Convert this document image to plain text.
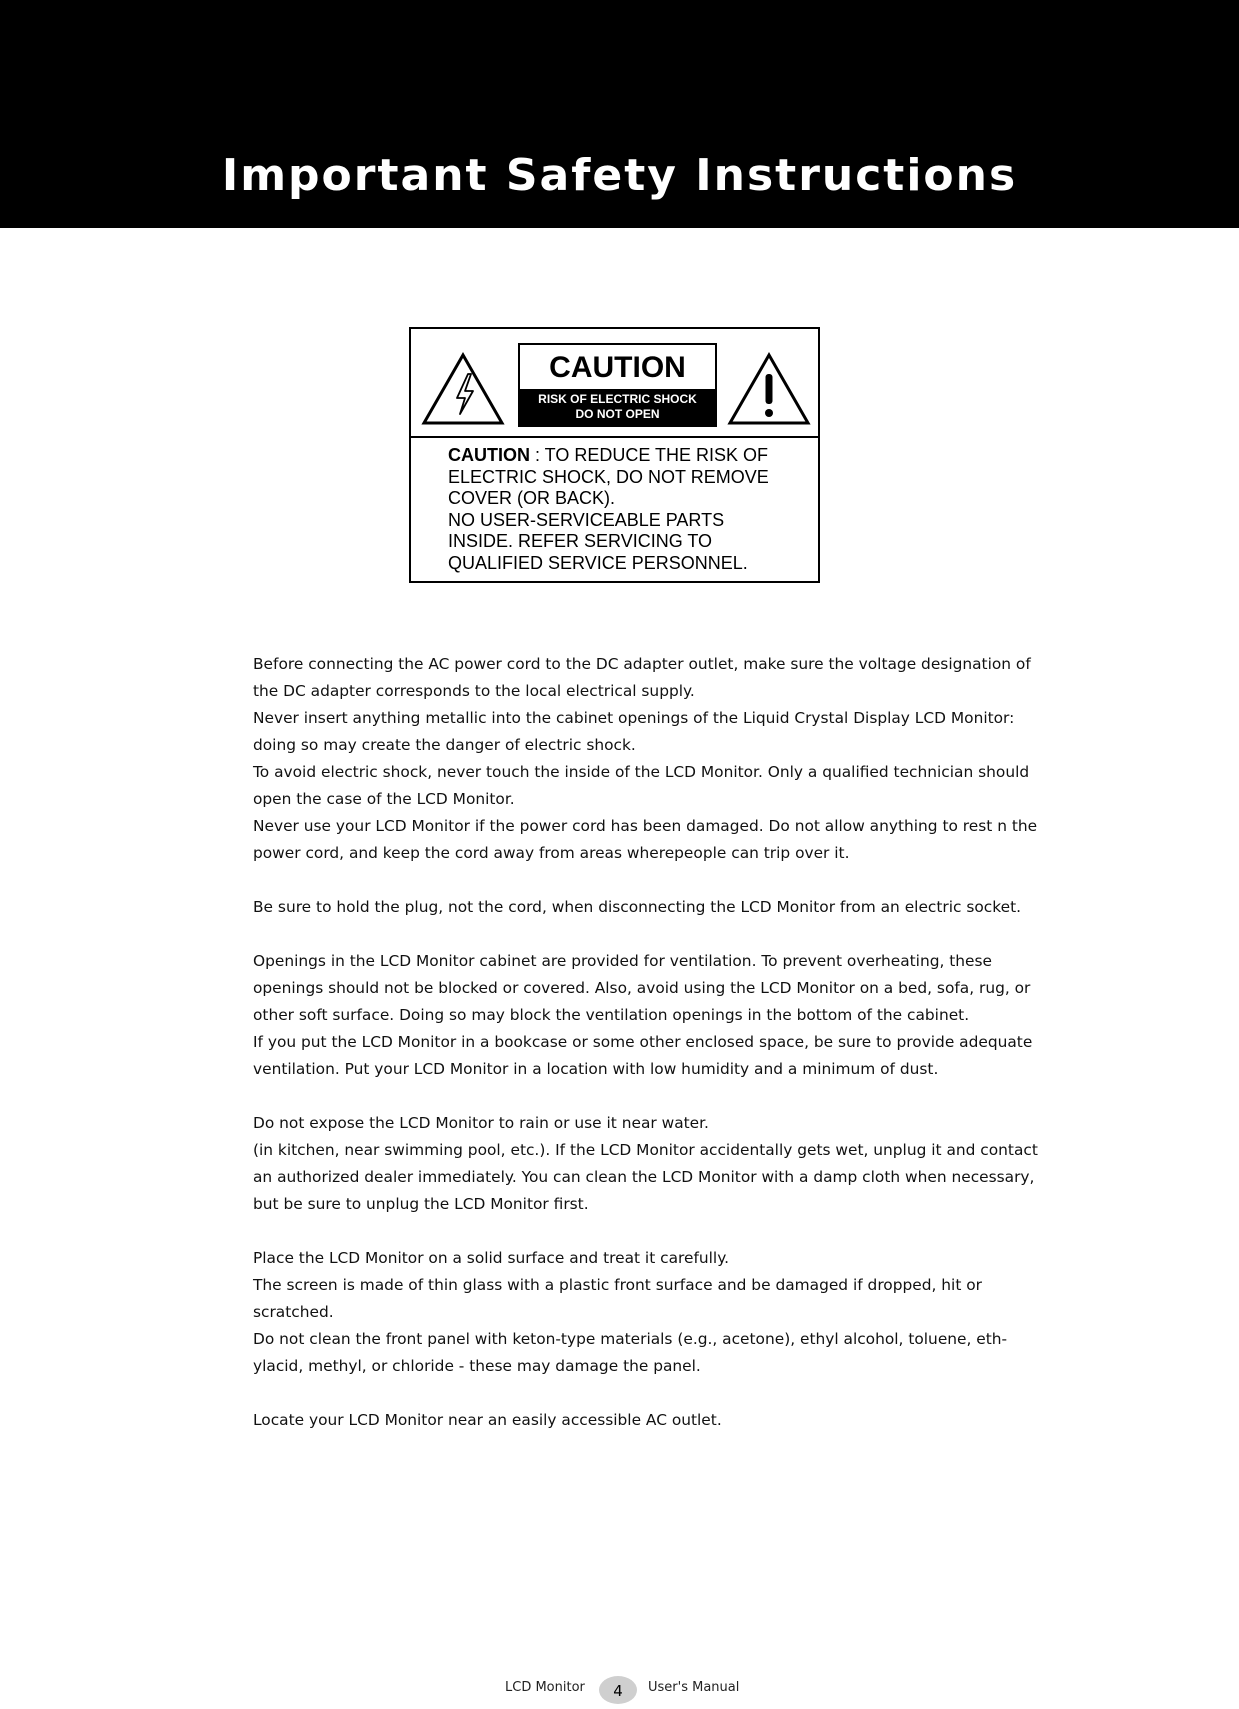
Important Safety Instructions
CAUTION
RISK OF ELECTRIC SHOCK
DO NOT OPEN
CAUTION : TO REDUCE THE RISK OF
ELECTRIC SHOCK, DO NOT REMOVE
COVER (OR BACK).
NO USER-SERVICEABLE PARTS
INSIDE. REFER SERVICING TO
QUALIFIED SERVICE PERSONNEL.
Before connecting the AC power cord to the DC adapter outlet, make sure the voltage designation of
the DC adapter corresponds to the local electrical supply.
Never insert anything metallic into the cabinet openings of the Liquid Crystal Display LCD Monitor:
doing so may create the danger of electric shock.
To avoid electric shock, never touch the inside of the LCD Monitor. Only a qualified technician should
open the case of the LCD Monitor.
Never use your LCD Monitor if the power cord has been damaged. Do not allow anything to rest n the
power cord, and keep the cord away from areas wherepeople can trip over it.
Be sure to hold the plug, not the cord, when disconnecting the LCD Monitor from an electric socket.
Openings in the LCD Monitor cabinet are provided for ventilation. To prevent overheating, these
openings should not be blocked or covered. Also, avoid using the LCD Monitor on a bed, sofa, rug, or
other soft surface. Doing so may block the ventilation openings in the bottom of the cabinet.
If you put the LCD Monitor in a bookcase or some other enclosed space, be sure to provide adequate
ventilation. Put your LCD Monitor in a location with low humidity and a minimum of dust.
Do not expose the LCD Monitor to rain or use it near water.
(in kitchen, near swimming pool, etc.). If the LCD Monitor accidentally gets wet, unplug it and contact
an authorized dealer immediately. You can clean the LCD Monitor with a damp cloth when necessary,
but be sure to unplug the LCD Monitor first.
Place the LCD Monitor on a solid surface and treat it carefully.
The screen is made of thin glass with a plastic front surface and be damaged if dropped, hit or
scratched.
Do not clean the front panel with keton-type materials (e.g., acetone), ethyl alcohol, toluene, eth-
ylacid, methyl, or chloride - these may damage the panel.
Locate your LCD Monitor near an easily accessible AC outlet.
LCD Monitor	4	User's Manual
